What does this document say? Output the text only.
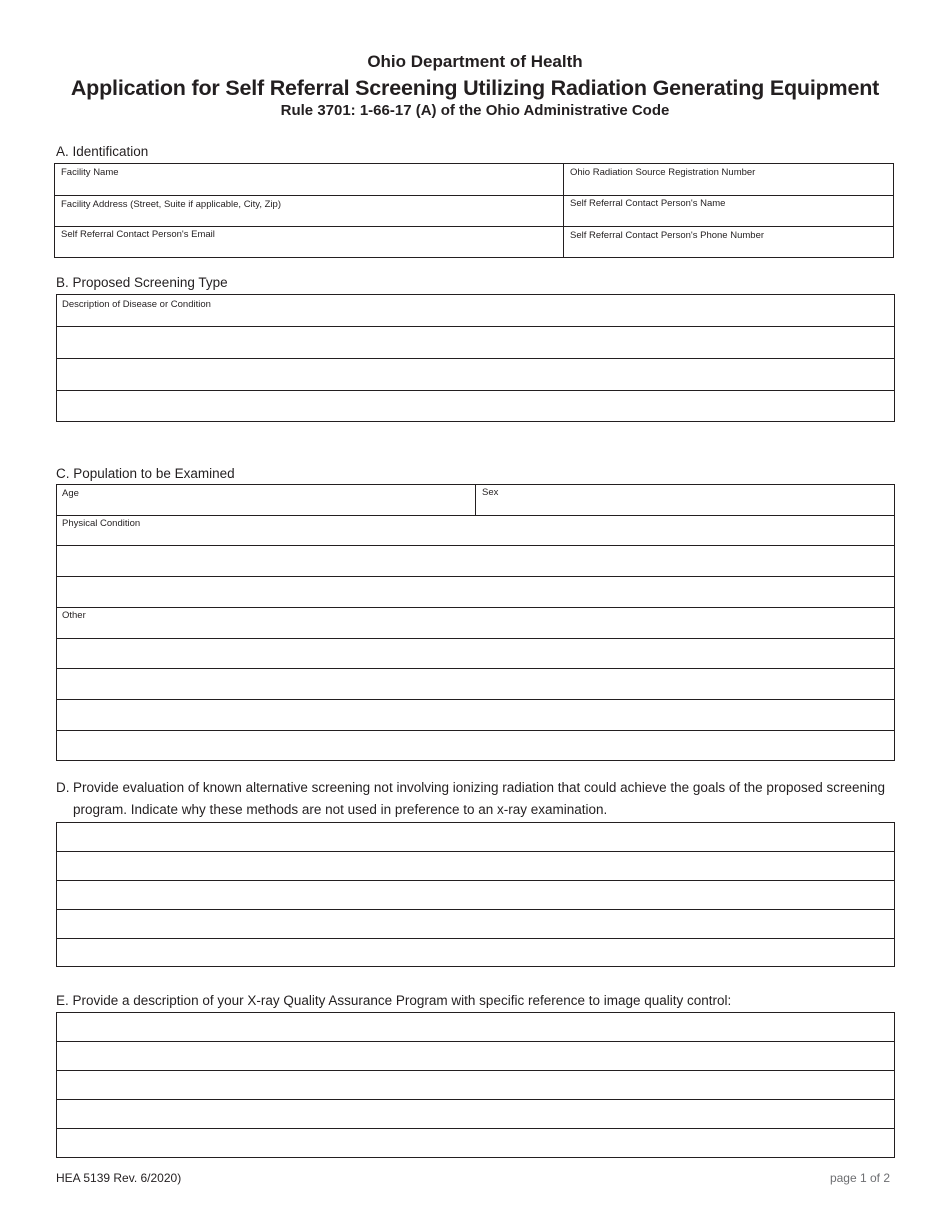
Ohio Department of Health
Application for Self Referral Screening Utilizing Radiation Generating Equipment
Rule 3701: 1-66-17 (A) of the Ohio Administrative Code
A. Identification
Facility Name	Ohio Radiation Source Registration Number
Facility Address (Street, Suite if applicable, City, Zip)	Self Referral Contact Person's Name
Self Referral Contact Person's Email	Self Referral Contact Person's Phone Number
B. Proposed Screening Type
Description of Disease or Condition
C. Population to be Examined
Age	Sex
Physical Condition
Other
D. Provide evaluation of known alternative screening not involving ionizing radiation that could achieve the goals of the proposed screening program. Indicate why these methods are not used in preference to an x-ray examination.
E. Provide a description of your X-ray Quality Assurance Program with specific reference to image quality control:
HEA 5139 Rev. 6/2020)	page 1 of 2
